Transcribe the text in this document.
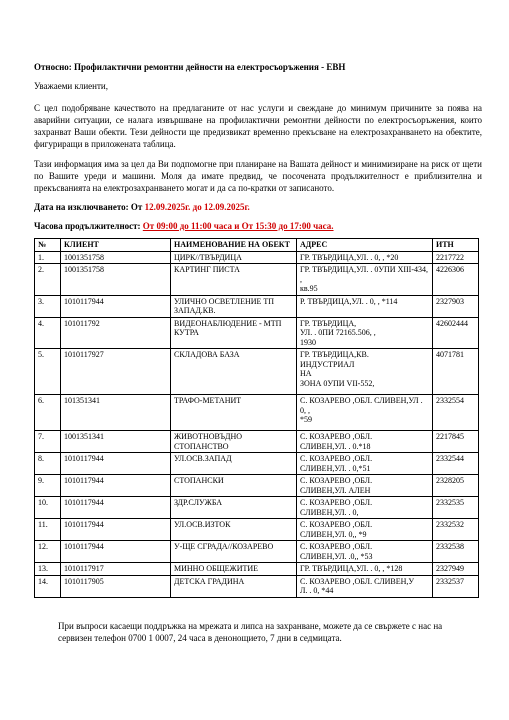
Относно: Профилактични ремонтни дейности на електросъоръжения - ЕВН
Уважаеми клиенти,
С цел подобряване качеството на предлаганите от нас услуги и свеждане до минимум причините за поява на аварийни ситуации, се налага извършване на профилактични ремонтни дейности по електросъоръжения, които захранват Ваши обекти. Тези дейности ще предизвикат временно прекъсване на електрозахранването на обектите, фигуриращи в приложената таблица.
Тази информация има за цел да Ви подпомогне при планиране на Вашата дейност и минимизиране на риск от щети по Вашите уреди и машини. Моля да имате предвид, че посочената продължителност е приблизителна и прекъсванията на електрозахранването могат и да са по-кратки от записаното.
Дата на изключването: От 12.09.2025г. до 12.09.2025г.
Часова продължителност: От 09:00 до 11:00 часа и От 15:30 до 17:00 часа.
№	КЛИЕНТ	НАИМЕНОВАНИЕ НА ОБЕКТ	АДРЕС	ИТН
1.	1001351758	ЦИРК//ТВЪРДИЦА	ГР. ТВЪРДИЦА,УЛ. . 0, , *20	2217722
2.	1001351758	КАРТИНГ ПИСТА	ГР. ТВЪРДИЦА,УЛ. . 0УПИ XIII-434, ,
кв.95	4226306
3.	1010117944	УЛИЧНО ОСВЕТЛЕНИЕ ТП ЗАПАД.КВ.	Р. ТВЪРДИЦА,УЛ. . 0, , *114	2327903
4.	101011792	ВИДЕОНАБЛЮДЕНИЕ - МТП КУТРА	ГР. ТВЪРДИЦА,
УЛ. . 0ПИ 72165.506, ,
1930	42602444
5.	1010117927	СКЛАДОВА БАЗА	ГР. ТВЪРДИЦА,КВ.
ИНДУСТРИАЛ
НА
ЗОНА 0УПИ VII-552,	4071781
6.	101351341	ТРАФО-МЕТАНИТ	С. КОЗАРЕВО ,ОБЛ. СЛИВЕН,УЛ . 0, ,
*59	2332554
7.	1001351341	ЖИВОТНОВЪДНО СТОПАНСТВО	С. КОЗАРЕВО ,ОБЛ.
СЛИВЕН,УЛ. . 0.*18	2217845
8.	1010117944	УЛ.ОСВ.ЗАПАД	С. КОЗАРЕВО ,ОБЛ.
СЛИВЕН,УЛ. . 0,*51	2332544
9.	1010117944	СТОПАНСКИ	С. КОЗАРЕВО ,ОБЛ.
СЛИВЕН,УЛ. АЛЕН	2328205
10.	1010117944	ЗДР.СЛУЖБА	С. КОЗАРЕВО ,ОБЛ.
СЛИВЕН,УЛ. . 0,	2332535
11.	1010117944	УЛ.ОСВ.ИЗТОК	С. КОЗАРЕВО ,ОБЛ.
СЛИВЕН,УЛ. 0,, *9	2332532
12.	1010117944	У-ЩЕ СГРАДА//КОЗАРЕВО	С. КОЗАРЕВО ,ОБЛ.
СЛИВЕН,УЛ. .0,, *53	2332538
13.	1010117917	МИННО ОБЩЕЖИТИЕ	ГР. ТВЪРДИЦА,УЛ. . 0, , *128	2327949
14.	1010117905	ДЕТСКА ГРАДИНА	С. КОЗАРЕВО ,ОБЛ. СЛИВЕН,У
Л. . 0, *44	2332537
При въпроси касаещи поддръжка на мрежата и липса на захранване, можете да се свържете с нас на сервизен телефон 0700 1 0007, 24 часа в денонощието, 7 дни в седмицата.
